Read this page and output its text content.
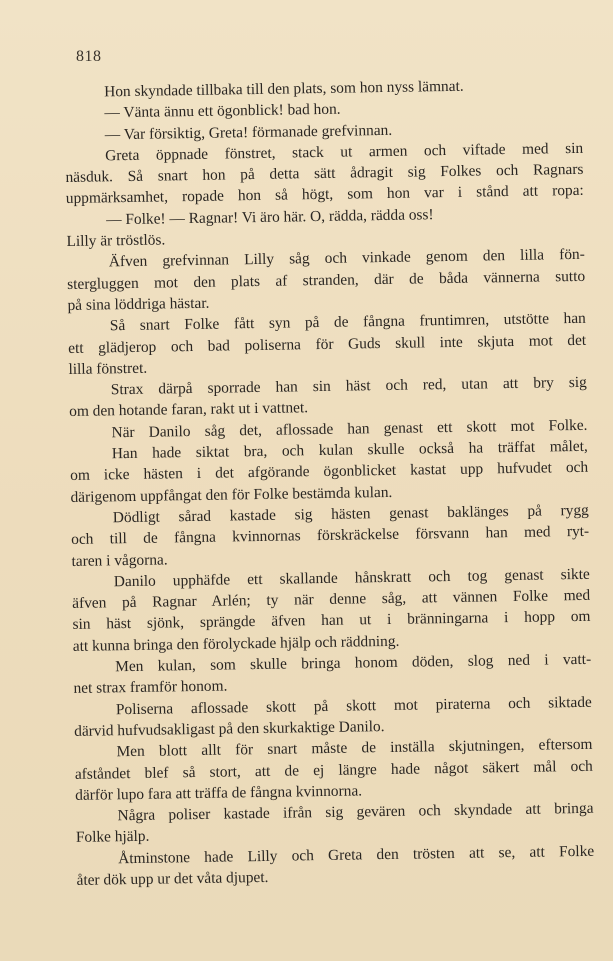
818
Hon skyndade tillbaka till den plats, som hon nyss lämnat.
— Vänta ännu ett ögonblick! bad hon.
— Var försiktig, Greta! förmanade grefvinnan.
Greta öppnade fönstret, stack ut armen och viftade med sin
näsduk. Så snart hon på detta sätt ådragit sig Folkes och Ragnars
uppmärksamhet, ropade hon så högt, som hon var i stånd att ropa:
— Folke! — Ragnar! Vi äro här. O, rädda, rädda oss!
Lilly är tröstlös.
Äfven grefvinnan Lilly såg och vinkade genom den lilla fön-
stergluggen mot den plats af stranden, där de båda vännerna sutto
på sina löddriga hästar.
Så snart Folke fått syn på de fångna fruntimren, utstötte han
ett glädjerop och bad poliserna för Guds skull inte skjuta mot det
lilla fönstret.
Strax därpå sporrade han sin häst och red, utan att bry sig
om den hotande faran, rakt ut i vattnet.
När Danilo såg det, aflossade han genast ett skott mot Folke.
Han hade siktat bra, och kulan skulle också ha träffat målet,
om icke hästen i det afgörande ögonblicket kastat upp hufvudet och
därigenom uppfångat den för Folke bestämda kulan.
Dödligt sårad kastade sig hästen genast baklänges på rygg
och till de fångna kvinnornas förskräckelse försvann han med ryt-
taren i vågorna.
Danilo upphäfde ett skallande hånskratt och tog genast sikte
äfven på Ragnar Arlén; ty när denne såg, att vännen Folke med
sin häst sjönk, sprängde äfven han ut i bränningarna i hopp om
att kunna bringa den förolyckade hjälp och räddning.
Men kulan, som skulle bringa honom döden, slog ned i vatt-
net strax framför honom.
Poliserna aflossade skott på skott mot piraterna och siktade
därvid hufvudsakligast på den skurkaktige Danilo.
Men blott allt för snart måste de inställa skjutningen, eftersom
afståndet blef så stort, att de ej längre hade något säkert mål och
därför lupo fara att träffa de fångna kvinnorna.
Några poliser kastade ifrån sig gevären och skyndade att bringa
Folke hjälp.
Åtminstone hade Lilly och Greta den trösten att se, att Folke
åter dök upp ur det våta djupet.
